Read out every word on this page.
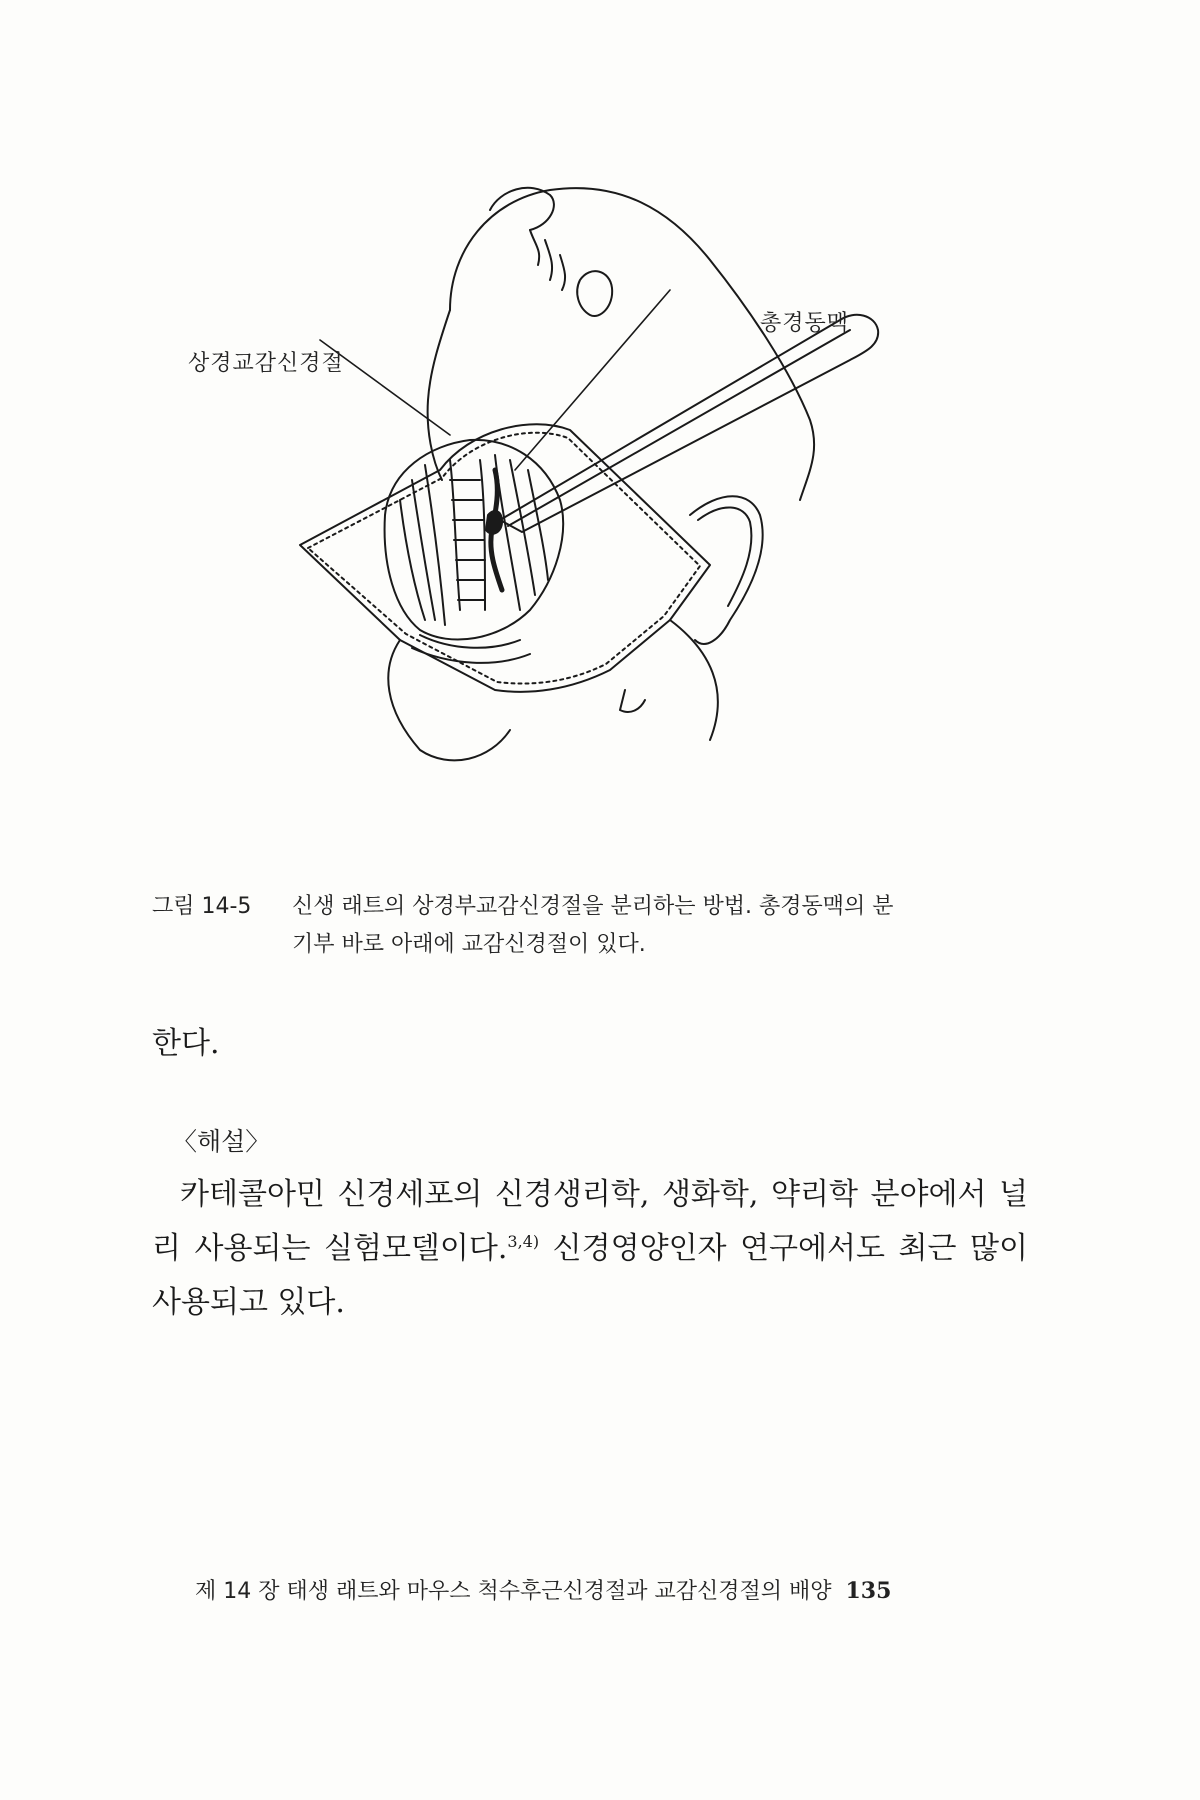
상경교감신경절
총경동맥
그림 14-5 신생 래트의 상경부교감신경절을 분리하는 방법. 총경동맥의 분
기부 바로 아래에 교감신경절이 있다.
한다.
〈해설〉

카테콜아민 신경세포의 신경생리학, 생화학, 약리학 분야에서 널리 사용되는 실험모델이다.$^{3,4)}$ 신경영양인자 연구에서도 최근 많이 사용되고 있다.

제 14 장 태생 래트와 마우스 척수후근신경절과 교감신경절의 배양 135
